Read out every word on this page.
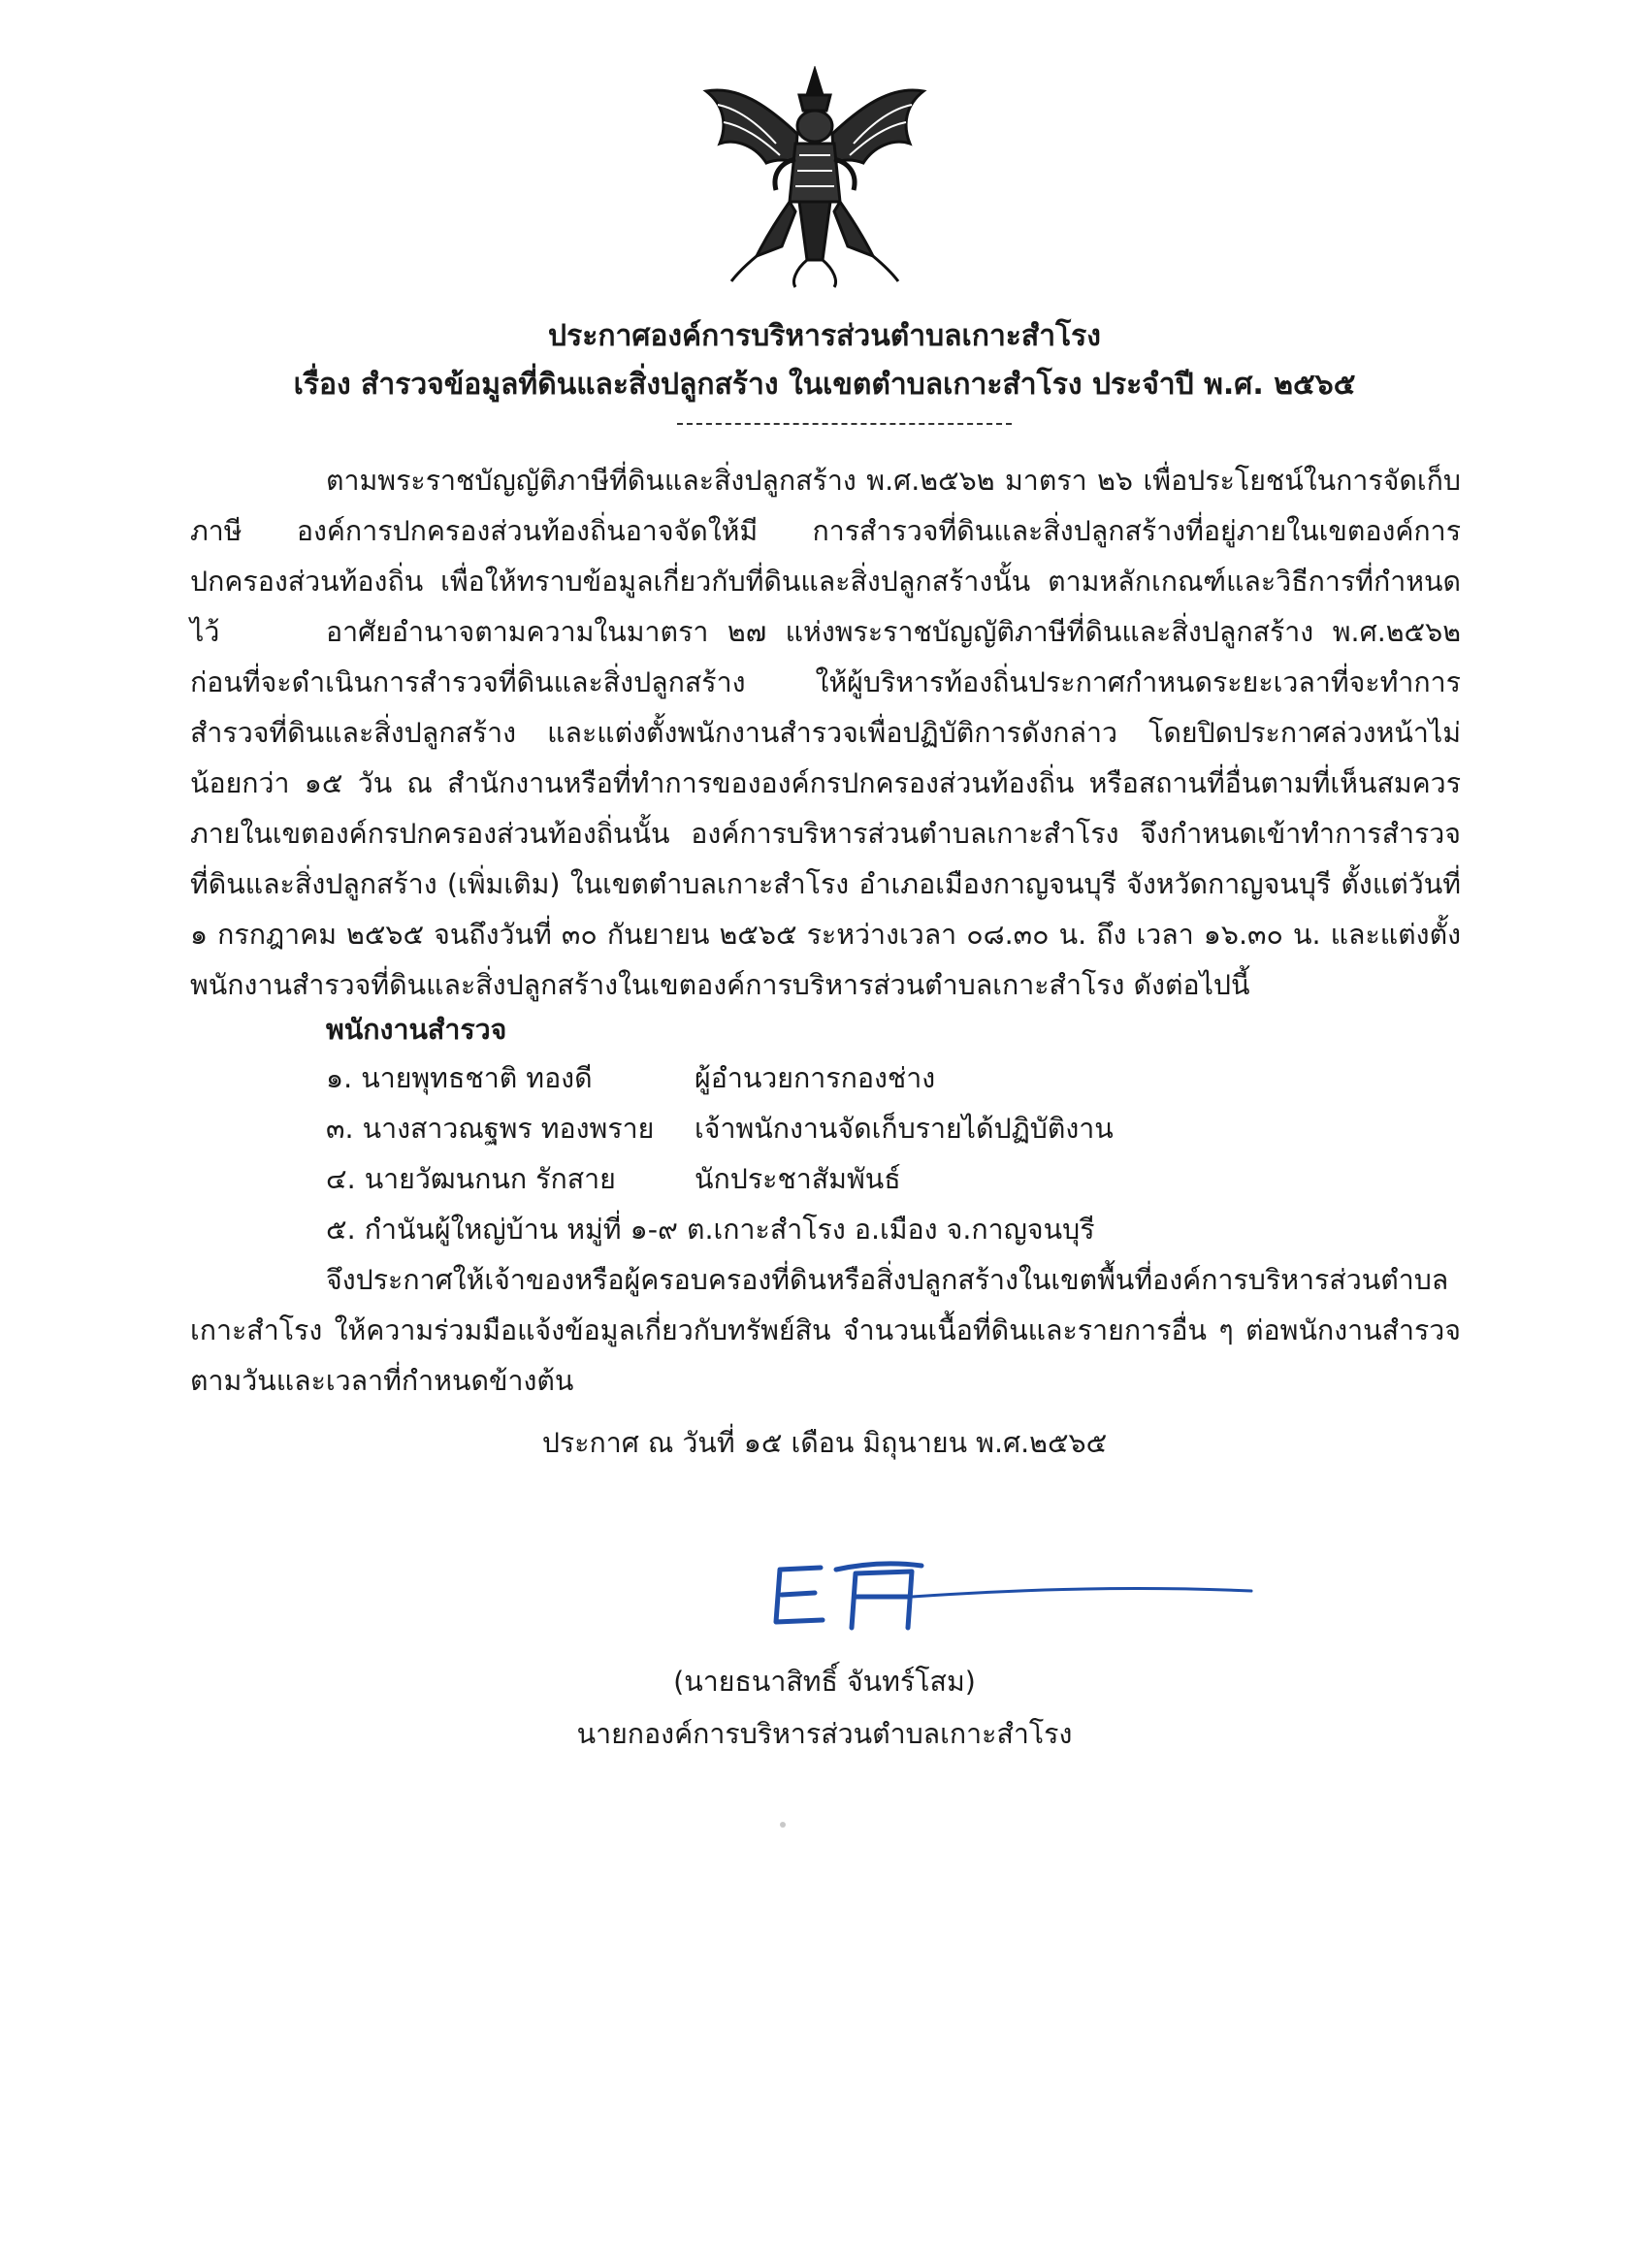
ประกาศองค์การบริหารส่วนตำบลเกาะสำโรง
เรื่อง สำรวจข้อมูลที่ดินและสิ่งปลูกสร้าง ในเขตตำบลเกาะสำโรง ประจำปี พ.ศ. ๒๕๖๕

ตามพระราชบัญญัติภาษีที่ดินและสิ่งปลูกสร้าง พ.ศ.๒๕๖๒ มาตรา ๒๖ เพื่อประโยชน์ในการจัดเก็บภาษี องค์การปกครองส่วนท้องถิ่นอาจจัดให้มี การสำรวจที่ดินและสิ่งปลูกสร้างที่อยู่ภายในเขตองค์การปกครองส่วนท้องถิ่น เพื่อให้ทราบข้อมูลเกี่ยวกับที่ดินและสิ่งปลูกสร้างนั้น ตามหลักเกณฑ์และวิธีการที่กำหนดไว้	อาศัยอำนาจตามความในมาตรา ๒๗ แห่งพระราชบัญญัติภาษีที่ดินและสิ่งปลูกสร้าง พ.ศ.๒๕๖๒ ก่อนที่จะดำเนินการสำรวจที่ดินและสิ่งปลูกสร้าง ให้ผู้บริหารท้องถิ่นประกาศกำหนดระยะเวลาที่จะทำการสำรวจที่ดินและสิ่งปลูกสร้าง และแต่งตั้งพนักงานสำรวจเพื่อปฏิบัติการดังกล่าว โดยปิดประกาศล่วงหน้าไม่น้อยกว่า ๑๕ วัน ณ สำนักงานหรือที่ทำการขององค์กรปกครองส่วนท้องถิ่น หรือสถานที่อื่นตามที่เห็นสมควรภายในเขตองค์กรปกครองส่วนท้องถิ่นนั้น องค์การบริหารส่วนตำบลเกาะสำโรง จึงกำหนดเข้าทำการสำรวจที่ดินและสิ่งปลูกสร้าง (เพิ่มเติม) ในเขตตำบลเกาะสำโรง อำเภอเมืองกาญจนบุรี จังหวัดกาญจนบุรี ตั้งแต่วันที่ ๑ กรกฎาคม ๒๕๖๕ จนถึงวันที่ ๓๐ กันยายน ๒๕๖๕ ระหว่างเวลา ๐๘.๓๐ น. ถึง เวลา ๑๖.๓๐ น. และแต่งตั้งพนักงานสำรวจที่ดินและสิ่งปลูกสร้างในเขตองค์การบริหารส่วนตำบลเกาะสำโรง ดังต่อไปนี้

พนักงานสำรวจ
๑. นายพุทธชาติ ทองดี	ผู้อำนวยการกองช่าง
๓. นางสาวณฐพร ทองพราย	เจ้าพนักงานจัดเก็บรายได้ปฏิบัติงาน
๔. นายวัฒนกนก รักสาย	นักประชาสัมพันธ์
๕. กำนันผู้ใหญ่บ้าน หมู่ที่ ๑-๙ ต.เกาะสำโรง อ.เมือง จ.กาญจนบุรี

จึงประกาศให้เจ้าของหรือผู้ครอบครองที่ดินหรือสิ่งปลูกสร้างในเขตพื้นที่องค์การบริหารส่วนตำบลเกาะสำโรง ให้ความร่วมมือแจ้งข้อมูลเกี่ยวกับทรัพย์สิน จำนวนเนื้อที่ดินและรายการอื่น ๆ ต่อพนักงานสำรวจตามวันและเวลาที่กำหนดข้างต้น

ประกาศ ณ วันที่ ๑๕ เดือน มิถุนายน พ.ศ.๒๕๖๕
(นายธนาสิทธิ์ จันทร์โสม)
นายกองค์การบริหารส่วนตำบลเกาะสำโรง
